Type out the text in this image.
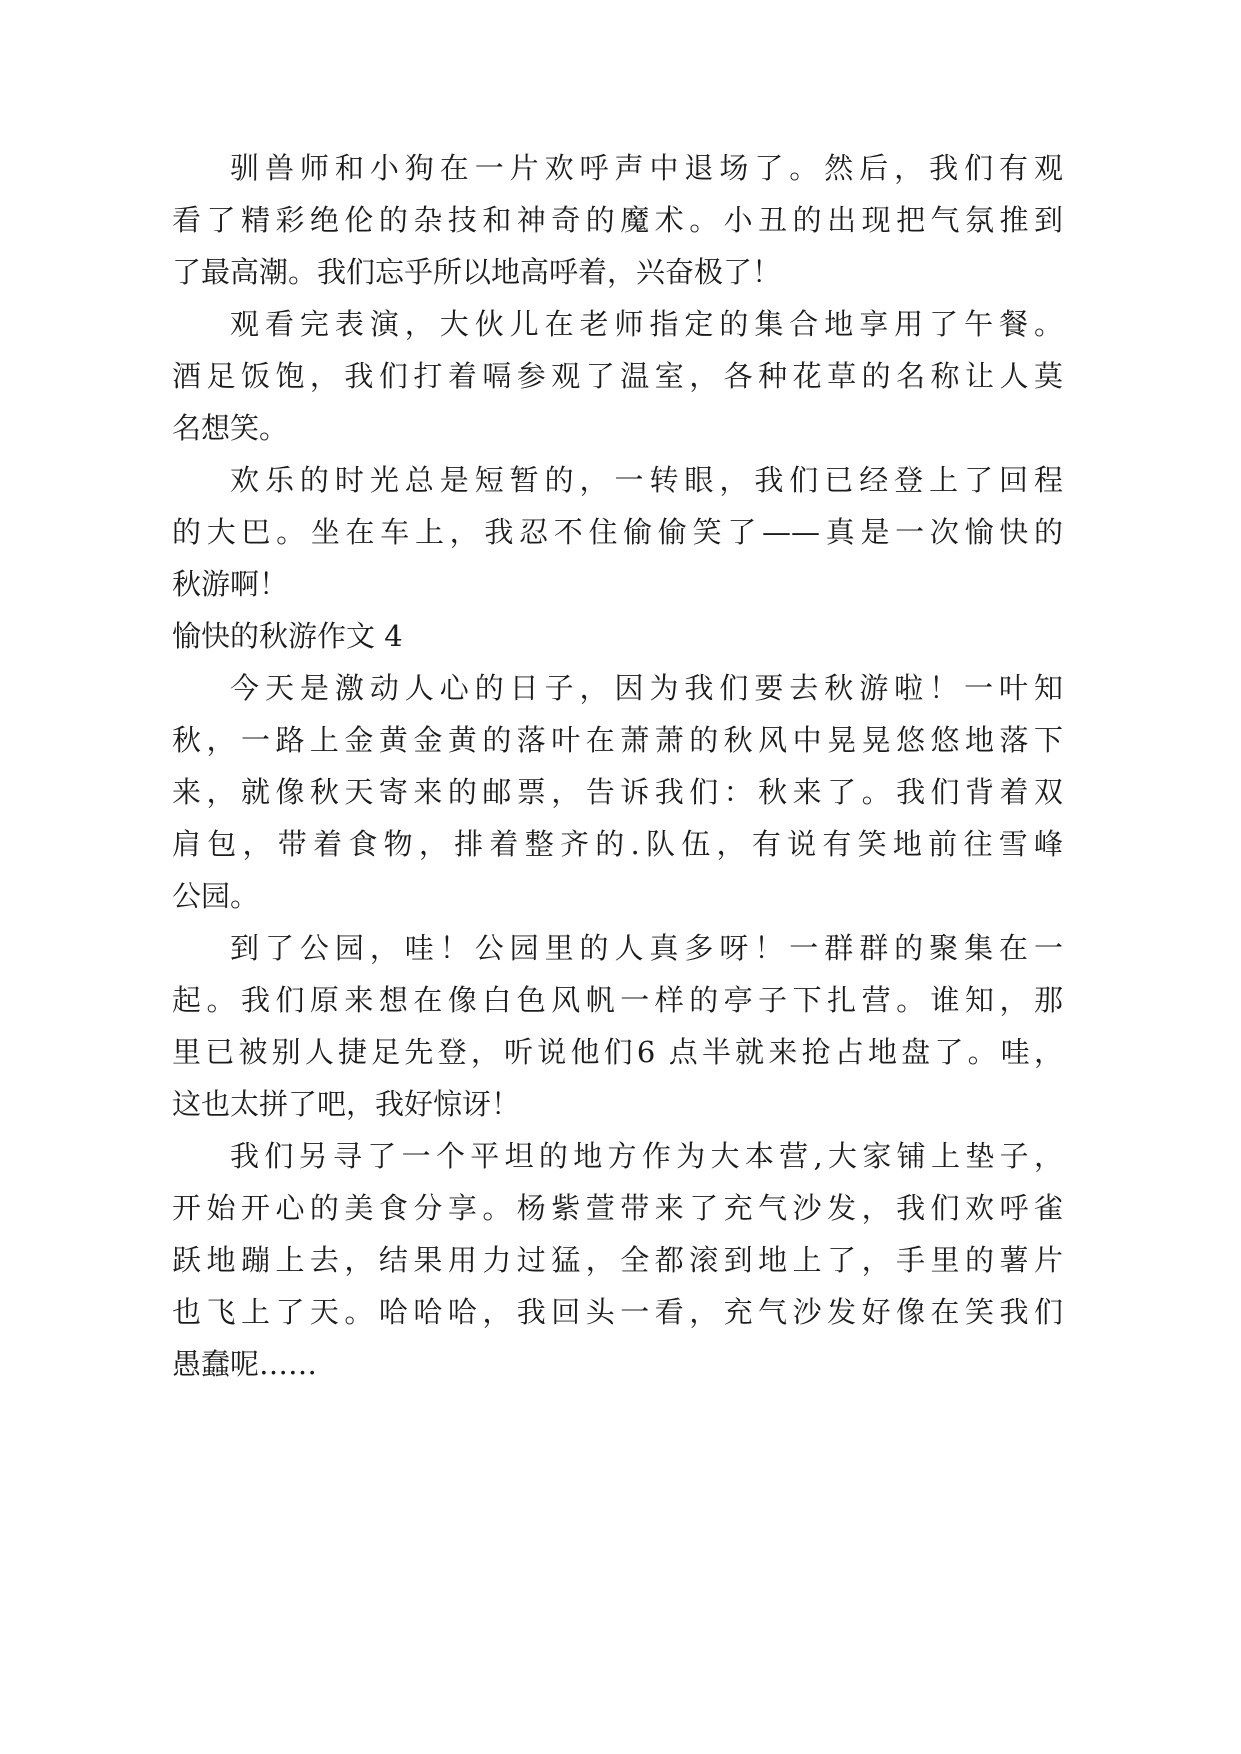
驯兽师和小狗在一片欢呼声中退场了。然后，我们有观
看了精彩绝伦的杂技和神奇的魔术。小丑的出现把气氛推到
了最高潮。我们忘乎所以地高呼着，兴奋极了！
观看完表演，大伙儿在老师指定的集合地享用了午餐。
酒足饭饱，我们打着嗝参观了温室，各种花草的名称让人莫
名想笑。
欢乐的时光总是短暂的，一转眼，我们已经登上了回程
的大巴。坐在车上，我忍不住偷偷笑了——真是一次愉快的
秋游啊！
愉快的秋游作文 4
今天是激动人心的日子，因为我们要去秋游啦！一叶知
秋，一路上金黄金黄的落叶在萧萧的秋风中晃晃悠悠地落下
来，就像秋天寄来的邮票，告诉我们：秋来了。我们背着双
肩包，带着食物，排着整齐的.队伍，有说有笑地前往雪峰
公园。
到了公园，哇！公园里的人真多呀！一群群的聚集在一
起。我们原来想在像白色风帆一样的亭子下扎营。谁知，那
里已被别人捷足先登，听说他们6 点半就来抢占地盘了。哇，
这也太拼了吧，我好惊讶！
我们另寻了一个平坦的地方作为大本营,大家铺上垫子，
开始开心的美食分享。杨紫萱带来了充气沙发，我们欢呼雀
跃地蹦上去，结果用力过猛，全都滚到地上了，手里的薯片
也飞上了天。哈哈哈，我回头一看，充气沙发好像在笑我们
愚蠢呢……
